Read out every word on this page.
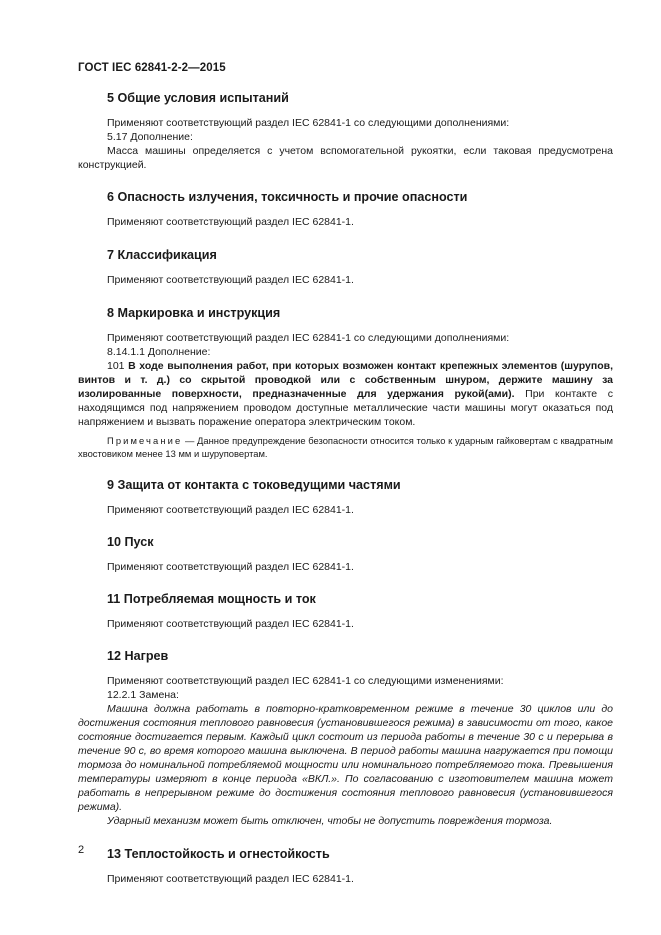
ГОСТ IEC 62841-2-2—2015
5 Общие условия испытаний

Применяют соответствующий раздел IEC 62841-1 со следующими дополнениями:

5.17 Дополнение:

Масса машины определяется с учетом вспомогательной рукоятки, если таковая предусмотрена конструкцией.

6 Опасность излучения, токсичность и прочие опасности

Применяют соответствующий раздел IEC 62841-1.

7 Классификация

Применяют соответствующий раздел IEC 62841-1.

8 Маркировка и инструкция

Применяют соответствующий раздел IEC 62841-1 со следующими дополнениями:

8.14.1.1 Дополнение:

101 В ходе выполнения работ, при которых возможен контакт крепежных элементов (шурупов, винтов и т. д.) со скрытой проводкой или с собственным шнуром, держите машину за изолированные поверхности, предназначенные для удержания рукой(ами). При контакте с находящимся под напряжением проводом доступные металлические части машины могут оказаться под напряжением и вызвать поражение оператора электрическим током.

Примечание — Данное предупреждение безопасности относится только к ударным гайковертам с квадратным хвостовиком менее 13 мм и шуруповертам.

9 Защита от контакта с токоведущими частями

Применяют соответствующий раздел IEC 62841-1.

10 Пуск

Применяют соответствующий раздел IEC 62841-1.

11 Потребляемая мощность и ток

Применяют соответствующий раздел IEC 62841-1.

12 Нагрев

Применяют соответствующий раздел IEC 62841-1 со следующими изменениями:

12.2.1 Замена:

Машина должна работать в повторно-кратковременном режиме в течение 30 циклов или до достижения состояния теплового равновесия (установившегося режима) в зависимости от того, какое состояние достигается первым. Каждый цикл состоит из периода работы в течение 30 с и перерыва в течение 90 с, во время которого машина выключена. В период работы машина нагружается при помощи тормоза до номинальной потребляемой мощности или номинального потребляемого тока. Превышения температуры измеряют в конце периода «ВКЛ.». По согласованию с изготовителем машина может работать в непрерывном режиме до достижения состояния теплового равновесия (установившегося режима).

Ударный механизм может быть отключен, чтобы не допустить повреждения тормоза.

13 Теплостойкость и огнестойкость

Применяют соответствующий раздел IEC 62841-1.

2
